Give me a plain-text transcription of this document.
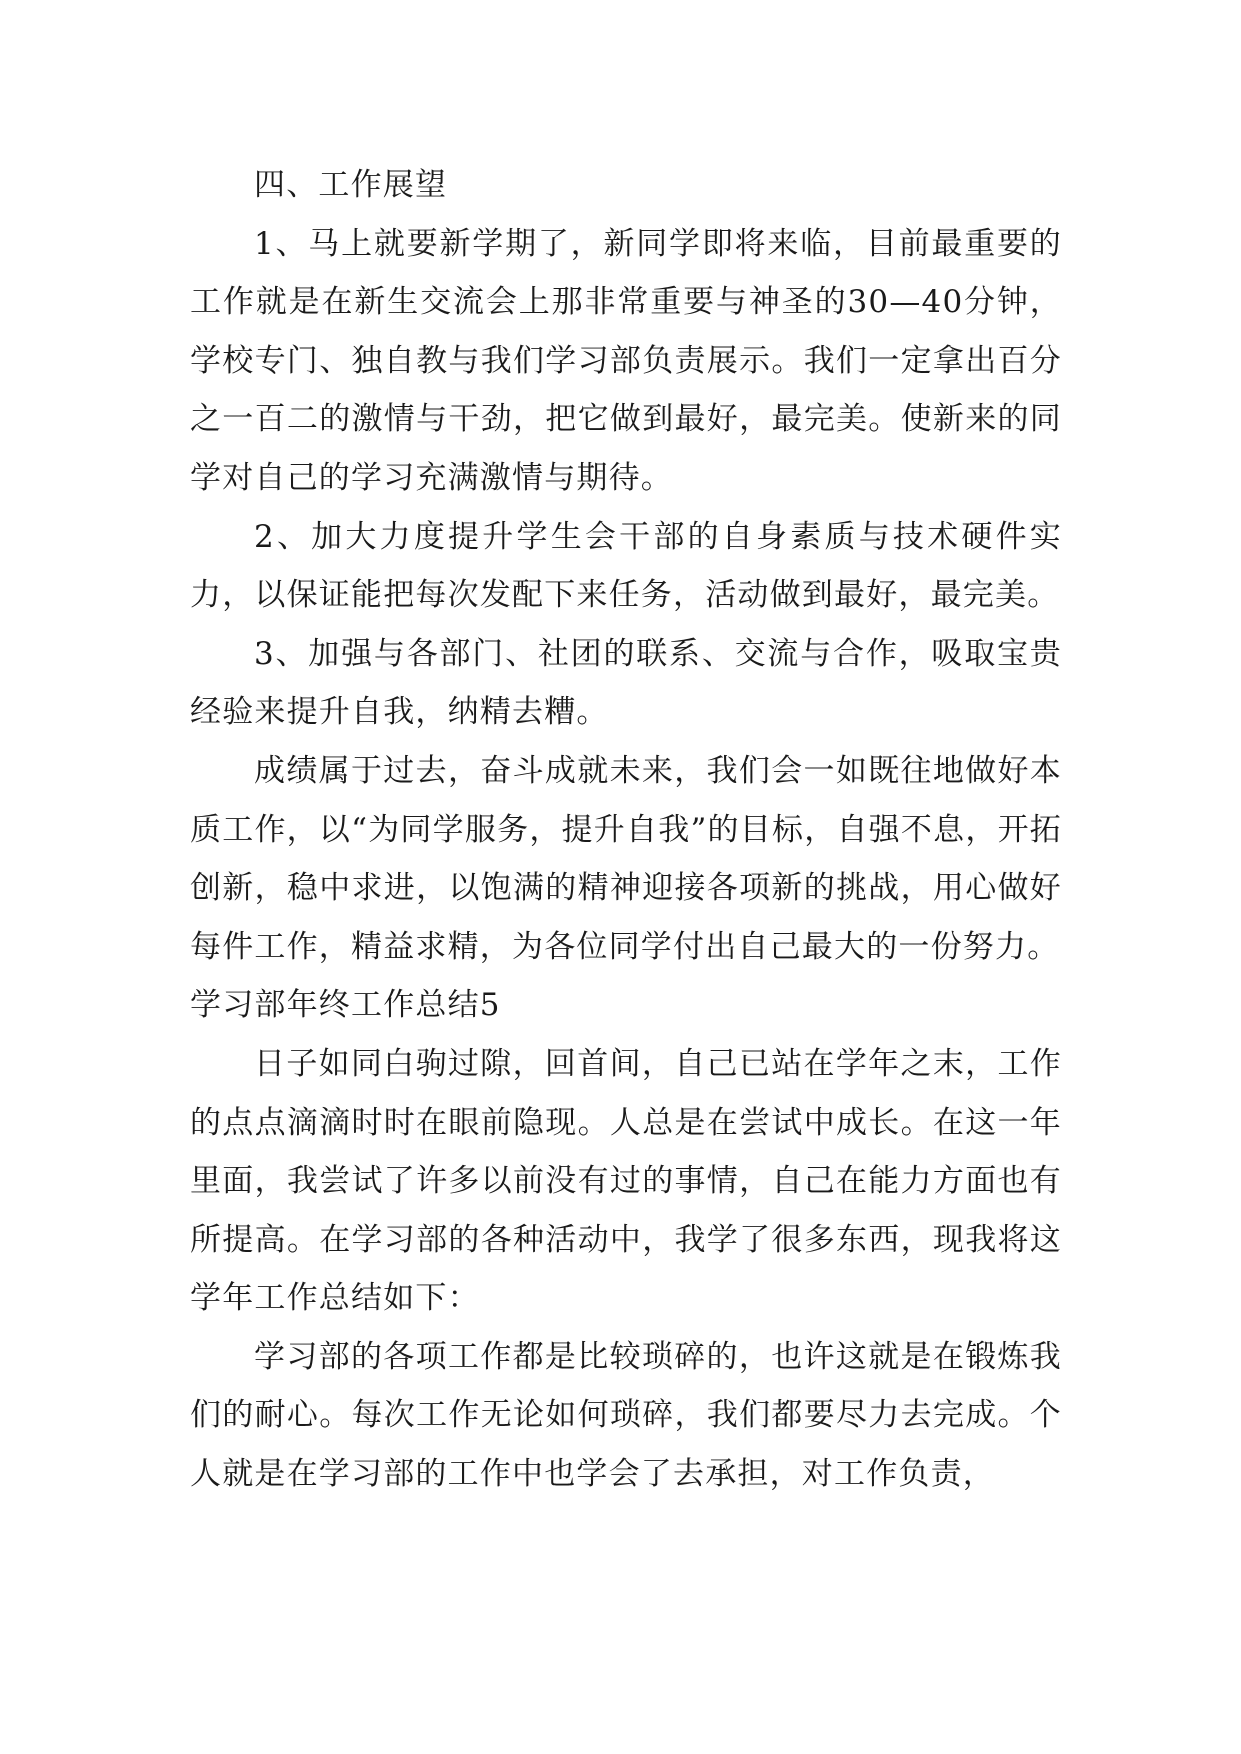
四、工作展望

1、马上就要新学期了，新同学即将来临，目前最重要的工作就是在新生交流会上那非常重要与神圣的30—40分钟，学校专门、独自教与我们学习部负责展示。我们一定拿出百分之一百二的激情与干劲，把它做到最好，最完美。使新来的同学对自己的学习充满激情与期待。

2、加大力度提升学生会干部的自身素质与技术硬件实力，以保证能把每次发配下来任务，活动做到最好，最完美。

3、加强与各部门、社团的联系、交流与合作，吸取宝贵经验来提升自我，纳精去糟。

成绩属于过去，奋斗成就未来，我们会一如既往地做好本质工作，以“为同学服务，提升自我”的目标，自强不息，开拓创新，稳中求进，以饱满的精神迎接各项新的挑战，用心做好每件工作，精益求精，为各位同学付出自己最大的一份努力。

学习部年终工作总结5

日子如同白驹过隙，回首间，自己已站在学年之末，工作的点点滴滴时时在眼前隐现。人总是在尝试中成长。在这一年里面，我尝试了许多以前没有过的事情，自己在能力方面也有所提高。在学习部的各种活动中，我学了很多东西，现我将这学年工作总结如下：

学习部的各项工作都是比较琐碎的，也许这就是在锻炼我们的耐心。每次工作无论如何琐碎，我们都要尽力去完成。个人就是在学习部的工作中也学会了去承担，对工作负责，
